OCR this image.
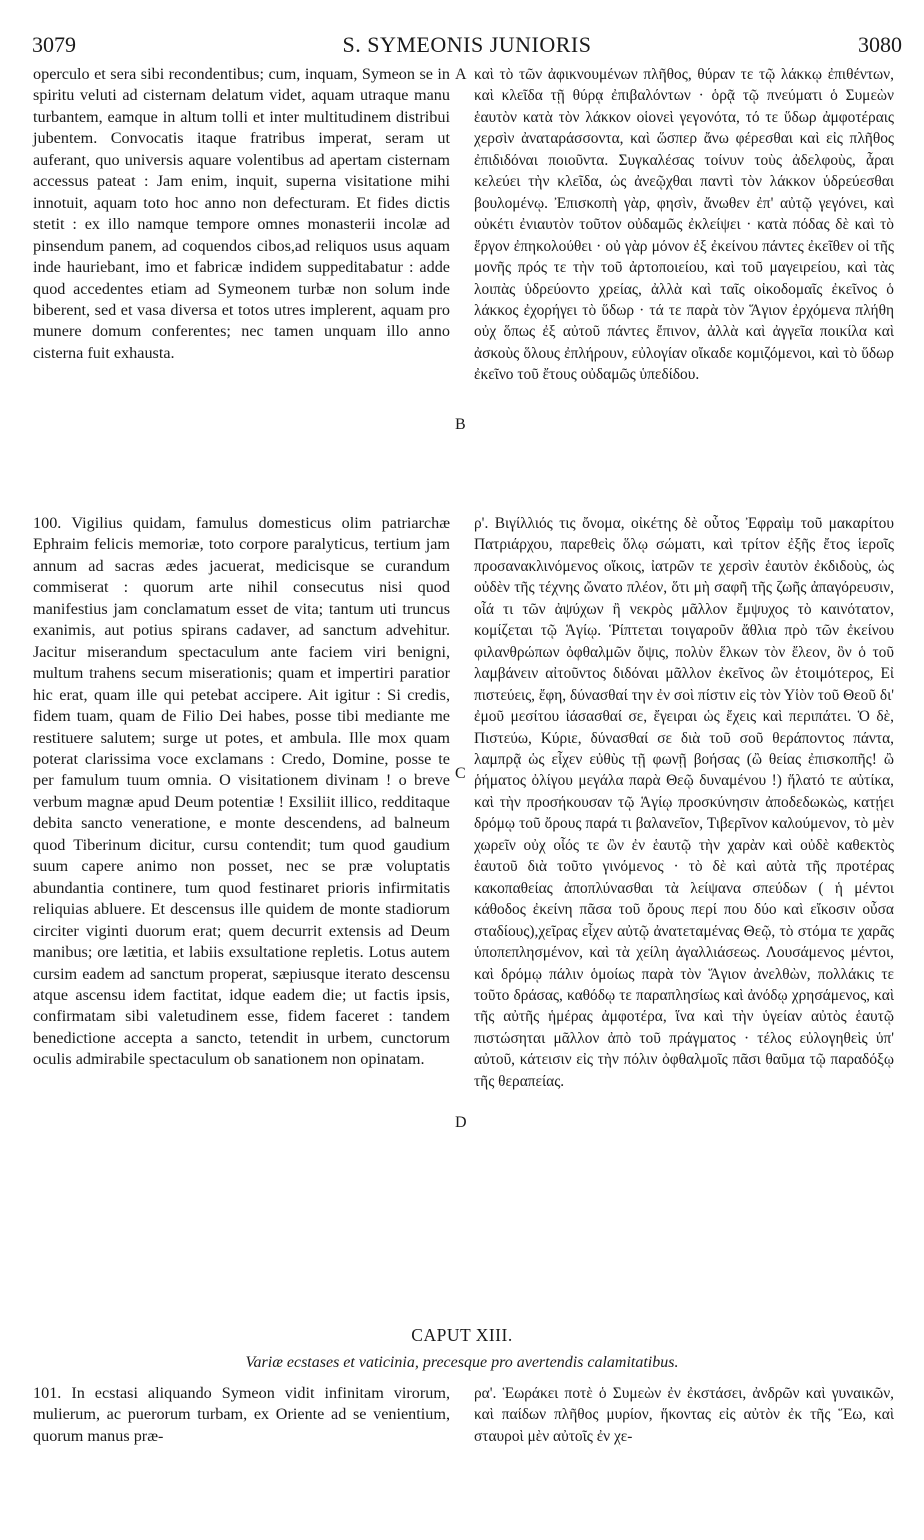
3079	S. SYMEONIS JUNIORIS	3080
A
B
C
D

operculo et sera sibi recondentibus; cum, inquam, Symeon se in spiritu veluti ad cisternam delatum videt, aquam utraque manu turbantem, eamque in altum tolli et inter multitudinem distribui jubentem. Convocatis itaque fratribus imperat, seram ut auferant, quo universis aquare volentibus ad apertam cisternam accessus pateat : Jam enim, inquit, superna visitatione mihi innotuit, aquam toto hoc anno non defecturam. Et fides dictis stetit : ex illo namque tempore omnes monasterii incolæ ad pinsendum panem, ad coquendos cibos,ad reliquos usus aquam inde hauriebant, imo et fabricæ indidem suppeditabatur : adde quod accedentes etiam ad Symeonem turbæ non solum inde biberent, sed et vasa diversa et totos utres implerent, aquam pro munere domum conferentes; nec tamen unquam illo anno cisterna fuit exhausta.

100. Vigilius quidam, famulus domesticus olim patriarchæ Ephraim felicis memoriæ, toto corpore paralyticus, tertium jam annum ad sacras ædes jacuerat, medicisque se curandum commiserat : quorum arte nihil consecutus nisi quod manifestius jam conclamatum esset de vita; tantum uti truncus exanimis, aut potius spirans cadaver, ad sanctum advehitur. Jacitur miserandum spectaculum ante faciem viri benigni, multum trahens secum miserationis; quam et impertiri paratior hic erat, quam ille qui petebat accipere. Ait igitur : Si credis, fidem tuam, quam de Filio Dei habes, posse tibi mediante me restituere salutem; surge ut potes, et ambula. Ille mox quam poterat clarissima voce exclamans : Credo, Domine, posse te per famulum tuum omnia. O visitationem divinam ! o breve verbum magnæ apud Deum potentiæ ! Exsiliit illico, redditaque debita sancto veneratione, e monte descendens, ad balneum quod Tiberinum dicitur, cursu contendit; tum quod gaudium suum capere animo non posset, nec se præ voluptatis abundantia continere, tum quod festinaret prioris infirmitatis reliquias abluere. Et descensus ille quidem de monte stadiorum circiter viginti duorum erat; quem decurrit extensis ad Deum manibus; ore lætitia, et labiis exsultatione repletis. Lotus autem cursim eadem ad sanctum properat, sæpiusque iterato descensu atque ascensu idem factitat, idque eadem die; ut factis ipsis, confirmatam sibi valetudinem esse, fidem faceret : tandem benedictione accepta a sancto, tetendit in urbem, cunctorum oculis admirabile spectaculum ob sanationem non opinatam.

καὶ τὸ τῶν ἀφικνουμένων πλῆθος, θύραν τε τῷ λάκκῳ ἐπιθέντων, καὶ κλεῖδα τῇ θύρᾳ ἐπιβαλόντων · ὁρᾷ τῷ πνεύματι ὁ Συμεὼν ἑαυτὸν κατὰ τὸν λάκκον οἱονεὶ γεγονότα, τό τε ὕδωρ ἀμφοτέραις χερσὶν ἀναταράσσοντα, καὶ ὥσπερ ἄνω φέρεσθαι καὶ εἰς πλῆθος ἐπιδιδόναι ποιοῦντα. Συγκαλέσας τοίνυν τοὺς ἀδελφοὺς, ἆραι κελεύει τὴν κλεῖδα, ὡς ἀνεῷχθαι παντὶ τὸν λάκκον ὑδρεύεσθαι βουλομένῳ. Ἐπισκοπὴ γὰρ, φησὶν, ἄνωθεν ἐπ' αὐτῷ γεγόνει, καὶ οὐκέτι ἐνιαυτὸν τοῦτον οὐδαμῶς ἐκλείψει · κατὰ πόδας δὲ καὶ τὸ ἔργον ἐπηκολούθει · οὐ γὰρ μόνον ἐξ ἐκείνου πάντες ἐκεῖθεν οἱ τῆς μονῆς πρός τε τὴν τοῦ ἀρτοποιείου, καὶ τοῦ μαγειρείου, καὶ τὰς λοιπὰς ὑδρεύοντο χρείας, ἀλλὰ καὶ ταῖς οἰκοδομαῖς ἐκεῖνος ὁ λάκκος ἐχορήγει τὸ ὕδωρ · τά τε παρὰ τὸν Ἅγιον ἐρχόμενα πλήθη οὐχ ὅπως ἐξ αὐτοῦ πάντες ἔπινον, ἀλλὰ καὶ ἀγγεῖα ποικίλα καὶ ἀσκοὺς ὅλους ἐπλήρουν, εὐλογίαν οἴκαδε κομιζόμενοι, καὶ τὸ ὕδωρ ἐκεῖνο τοῦ ἔτους οὐδαμῶς ὑπεδίδου.

ρ'. Βιγίλλιός τις ὄνομα, οἰκέτης δὲ οὗτος Ἐφραὶμ τοῦ μακαρίτου Πατριάρχου, παρεθεὶς ὅλῳ σώματι, καὶ τρίτον ἐξῆς ἔτος ἱεροῖς προσανακλινόμενος οἴκοις, ἰατρῶν τε χερσὶν ἑαυτὸν ἐκδιδοὺς, ὡς οὐδὲν τῆς τέχνης ὤνατο πλέον, ὅτι μὴ σαφῆ τῆς ζωῆς ἀπαγόρευσιν, οἷά τι τῶν ἀψύχων ἢ νεκρὸς μᾶλλον ἔμψυχος τὸ καινότατον, κομίζεται τῷ Ἁγίῳ. Ῥίπτεται τοιγαροῦν ἄθλια πρὸ τῶν ἐκείνου φιλανθρώπων ὀφθαλμῶν ὄψις, πολὺν ἕλκων τὸν ἔλεον, ὃν ὁ τοῦ λαμβάνειν αἰτοῦντος διδόναι μᾶλλον ἐκεῖνος ὢν ἑτοιμότερος, Εἰ πιστεύεις, ἔφη, δύνασθαί την ἐν σοὶ πίστιν εἰς τὸν Υἱὸν τοῦ Θεοῦ δι' ἐμοῦ μεσίτου ἰάσασθαί σε, ἔγειραι ὡς ἔχεις καὶ περιπάτει. Ὁ δὲ, Πιστεύω, Κύριε, δύνασθαί σε διὰ τοῦ σοῦ θεράποντος πάντα, λαμπρᾷ ὡς εἶχεν εὐθὺς τῇ φωνῇ βοήσας (ὢ θείας ἐπισκοπῆς! ὢ ῥήματος ὀλίγου μεγάλα παρὰ Θεῷ δυναμένου !) ἥλατό τε αὐτίκα, καὶ τὴν προσήκουσαν τῷ Ἁγίῳ προσκύνησιν ἀποδεδωκὼς, κατῄει δρόμῳ τοῦ ὄρους παρά τι βαλανεῖον, Τιβερῖνον καλούμενον, τὸ μὲν χωρεῖν οὐχ οἷός τε ὢν ἐν ἑαυτῷ τὴν χαρὰν καὶ οὐδὲ καθεκτὸς ἑαυτοῦ διὰ τοῦτο γινόμενος · τὸ δὲ καὶ αὐτὰ τῆς προτέρας κακοπαθείας ἀποπλύνασθαι τὰ λείψανα σπεύδων ( ἡ μέντοι κάθοδος ἐκείνη πᾶσα τοῦ ὄρους περί που δύο καὶ εἴκοσιν οὖσα σταδίους),χεῖρας εἶχεν αὐτῷ ἀνατεταμένας Θεῷ, τὸ στόμα τε χαρᾶς ὑποπεπλησμένον, καὶ τὰ χείλη ἀγαλλιάσεως. Λουσάμενος μέντοι, καὶ δρόμῳ πάλιν ὁμοίως παρὰ τὸν Ἅγιον ἀνελθὼν, πολλάκις τε τοῦτο δράσας, καθόδῳ τε παραπλησίως καὶ ἀνόδῳ χρησάμενος, καὶ τῆς αὐτῆς ἡμέρας ἀμφοτέρα, ἵνα καὶ τὴν ὑγείαν αὐτὸς ἑαυτῷ πιστώσηται μᾶλλον ἀπὸ τοῦ πράγματος · τέλος εὐλογηθεὶς ὑπ' αὐτοῦ, κάτεισιν εἰς τὴν πόλιν ὀφθαλμοῖς πᾶσι θαῦμα τῷ παραδόξῳ τῆς θεραπείας.

CAPUT XIII.
Variæ ecstases et vaticinia, precesque pro avertendis calamitatibus.

101. In ecstasi aliquando Symeon vidit infinitam virorum, mulierum, ac puerorum turbam, ex Oriente ad se venientium, quorum manus præ-

ρα'. Ἑωράκει ποτὲ ὁ Συμεὼν ἐν ἐκστάσει, ἀνδρῶν καὶ γυναικῶν, καὶ παίδων πλῆθος μυρίον, ἥκοντας εἰς αὐτὸν ἐκ τῆς Ἕω, καὶ σταυροὶ μὲν αὐτοῖς ἐν χε-
